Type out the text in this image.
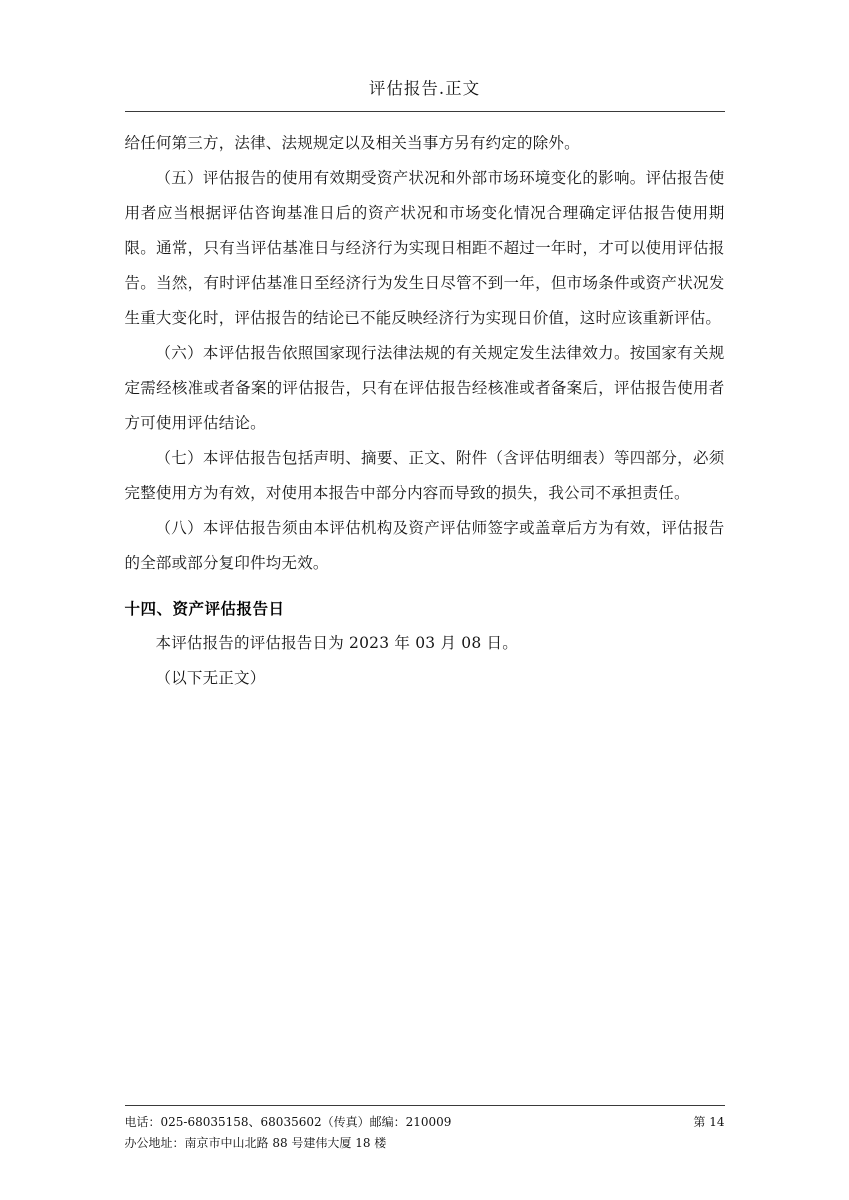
评估报告.正文

给任何第三方，法律、法规规定以及相关当事方另有约定的除外。

（五）评估报告的使用有效期受资产状况和外部市场环境变化的影响。评估报告使用者应当根据评估咨询基准日后的资产状况和市场变化情况合理确定评估报告使用期限。通常，只有当评估基准日与经济行为实现日相距不超过一年时，才可以使用评估报告。当然，有时评估基准日至经济行为发生日尽管不到一年，但市场条件或资产状况发生重大变化时，评估报告的结论已不能反映经济行为实现日价值，这时应该重新评估。

（六）本评估报告依照国家现行法律法规的有关规定发生法律效力。按国家有关规定需经核准或者备案的评估报告，只有在评估报告经核准或者备案后，评估报告使用者方可使用评估结论。

（七）本评估报告包括声明、摘要、正文、附件（含评估明细表）等四部分，必须完整使用方为有效，对使用本报告中部分内容而导致的损失，我公司不承担责任。

（八）本评估报告须由本评估机构及资产评估师签字或盖章后方为有效，评估报告的全部或部分复印件均无效。

十四、资产评估报告日

本评估报告的评估报告日为 2023 年 03 月 08 日。

（以下无正文）

电话：025-68035158、68035602（传真）邮编：210009
办公地址：南京市中山北路 88 号建伟大厦 18 楼
第 14
